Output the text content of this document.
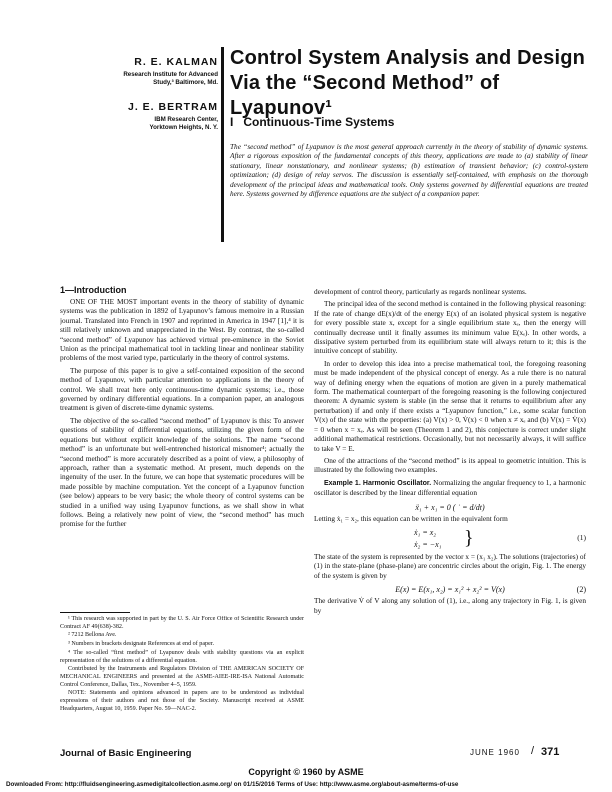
R. E. KALMAN
Research Institute for Advanced
Study,³ Baltimore, Md.
J. E. BERTRAM
IBM Research Center,
Yorktown Heights, N. Y.
Control System Analysis and Design
Via the “Second Method” of Lyapunov¹
I   Continuous-Time Systems
The “second method” of Lyapunov is the most general approach currently in the theory of stability of dynamic systems. After a rigorous exposition of the fundamental concepts of this theory, applications are made to (a) stability of linear stationary, linear nonstationary, and nonlinear systems; (b) estimation of transient behavior; (c) control-system optimization; (d) design of relay servos. The discussion is essentially self-contained, with emphasis on the thorough development of the principal ideas and mathematical tools. Only systems governed by differential equations are treated here. Systems governed by difference equations are the subject of a companion paper.
1—Introduction

ONE OF THE MOST important events in the theory of stability of dynamic systems was the publication in 1892 of Lyapunov’s famous memoire in a Russian journal. Translated into French in 1907 and reprinted in America in 1947 [1],⁴ it is still relatively unknown and unappreciated in the West. By contrast, the so-called “second method” of Lyapunov has achieved virtual pre-eminence in the Soviet Union as the principal mathematical tool in tackling linear and nonlinear stability problems of the most varied type, particularly in the theory of control systems.

The purpose of this paper is to give a self-contained exposition of the second method of Lyapunov, with particular attention to applications in the theory of control. We shall treat here only continuous-time dynamic systems; i.e., those governed by ordinary differential equations. In a companion paper, an analogous treatment is given of discrete-time dynamic systems.

The objective of the so-called “second method” of Lyapunov is this: To answer questions of stability of differential equations, utilizing the given form of the equations but without explicit knowledge of the solutions. The name “second method” is an unfortunate but well-entrenched historical misnomer⁴; actually the “second method” is more accurately described as a point of view, a philosophy of approach, rather than a systematic method. At present, much depends on the ingenuity of the user. In the future, we can hope that systematic procedures will be made possible by machine computation. Yet the concept of a Lyapunov function (see below) appears to be very basic; the whole theory of control systems can be studied in a unified way using Lyapunov functions, as we shall show in what follows. Being a relatively new point of view, the “second method” has much promise for the further

¹ This research was supported in part by the U. S. Air Force Office of Scientific Research under Contract AF 49(638)-382.

² 7212 Bellona Ave.

³ Numbers in brackets designate References at end of paper.

⁴ The so-called “first method” of Lyapunov deals with stability questions via an explicit representation of the solutions of a differential equation.

Contributed by the Instruments and Regulators Division of THE AMERICAN SOCIETY OF MECHANICAL ENGINEERS and presented at the ASME-AIEE-IRE-ISA National Automatic Control Conference, Dallas, Tex., November 4–5, 1959.

NOTE: Statements and opinions advanced in papers are to be understood as individual expressions of their authors and not those of the Society. Manuscript received at ASME Headquarters, August 10, 1959. Paper No. 59—NAC-2.

development of control theory, particularly as regards nonlinear systems.

The principal idea of the second method is contained in the following physical reasoning: If the rate of change dE(x)/dt of the energy E(x) of an isolated physical system is negative for every possible state x, except for a single equilibrium state xₑ, then the energy will continually decrease until it finally assumes its minimum value E(xₑ). In other words, a dissipative system perturbed from its equilibrium state will always return to it; this is the intuitive concept of stability.

In order to develop this idea into a precise mathematical tool, the foregoing reasoning must be made independent of the physical concept of energy. As a rule there is no natural way of defining energy when the equations of motion are given in a purely mathematical form. The mathematical counterpart of the foregoing reasoning is the following conjectured theorem: A dynamic system is stable (in the sense that it returns to equilibrium after any perturbation) if and only if there exists a “Lyapunov function,” i.e., some scalar function V(x) of the state with the properties: (a) V(x) > 0, V̇(x) < 0 when x ≠ xₑ and (b) V(x) = V̇(x) = 0 when x = xₑ. As will be seen (Theorem 1 and 2), this conjecture is correct under slight additional mathematical restrictions. Occasionally, but not necessarily always, it will suffice to take V = E.

One of the attractions of the “second method” is its appeal to geometric intuition. This is illustrated by the following two examples.

Example 1. Harmonic Oscillator. Normalizing the angular frequency to 1, a harmonic oscillator is described by the linear differential equation

ẍ₁ + x₁ = 0 ( ˙ = d/dt)

Letting ẋ₁ = x₂, this equation can be written in the equivalent form

ẋ₁ = x₂
ẋ₂ = −x₁ }	(1)

The state of the system is represented by the vector x = (x₁ x₂). The solutions (trajectories) of (1) in the state-plane (phase-plane) are concentric circles about the origin, Fig. 1. The energy of the system is given by

E(x) = E(x₁, x₂) = x₁² + x₂² = V(x)	(2)

The derivative V̇ of V along any solution of (1), i.e., along any trajectory in Fig. 1, is given by

Journal of Basic Engineering	JUNE 1960 / 371
Copyright © 1960 by ASME
Downloaded From: http://fluidsengineering.asmedigitalcollection.asme.org/ on 01/15/2016 Terms of Use: http://www.asme.org/about-asme/terms-of-use
